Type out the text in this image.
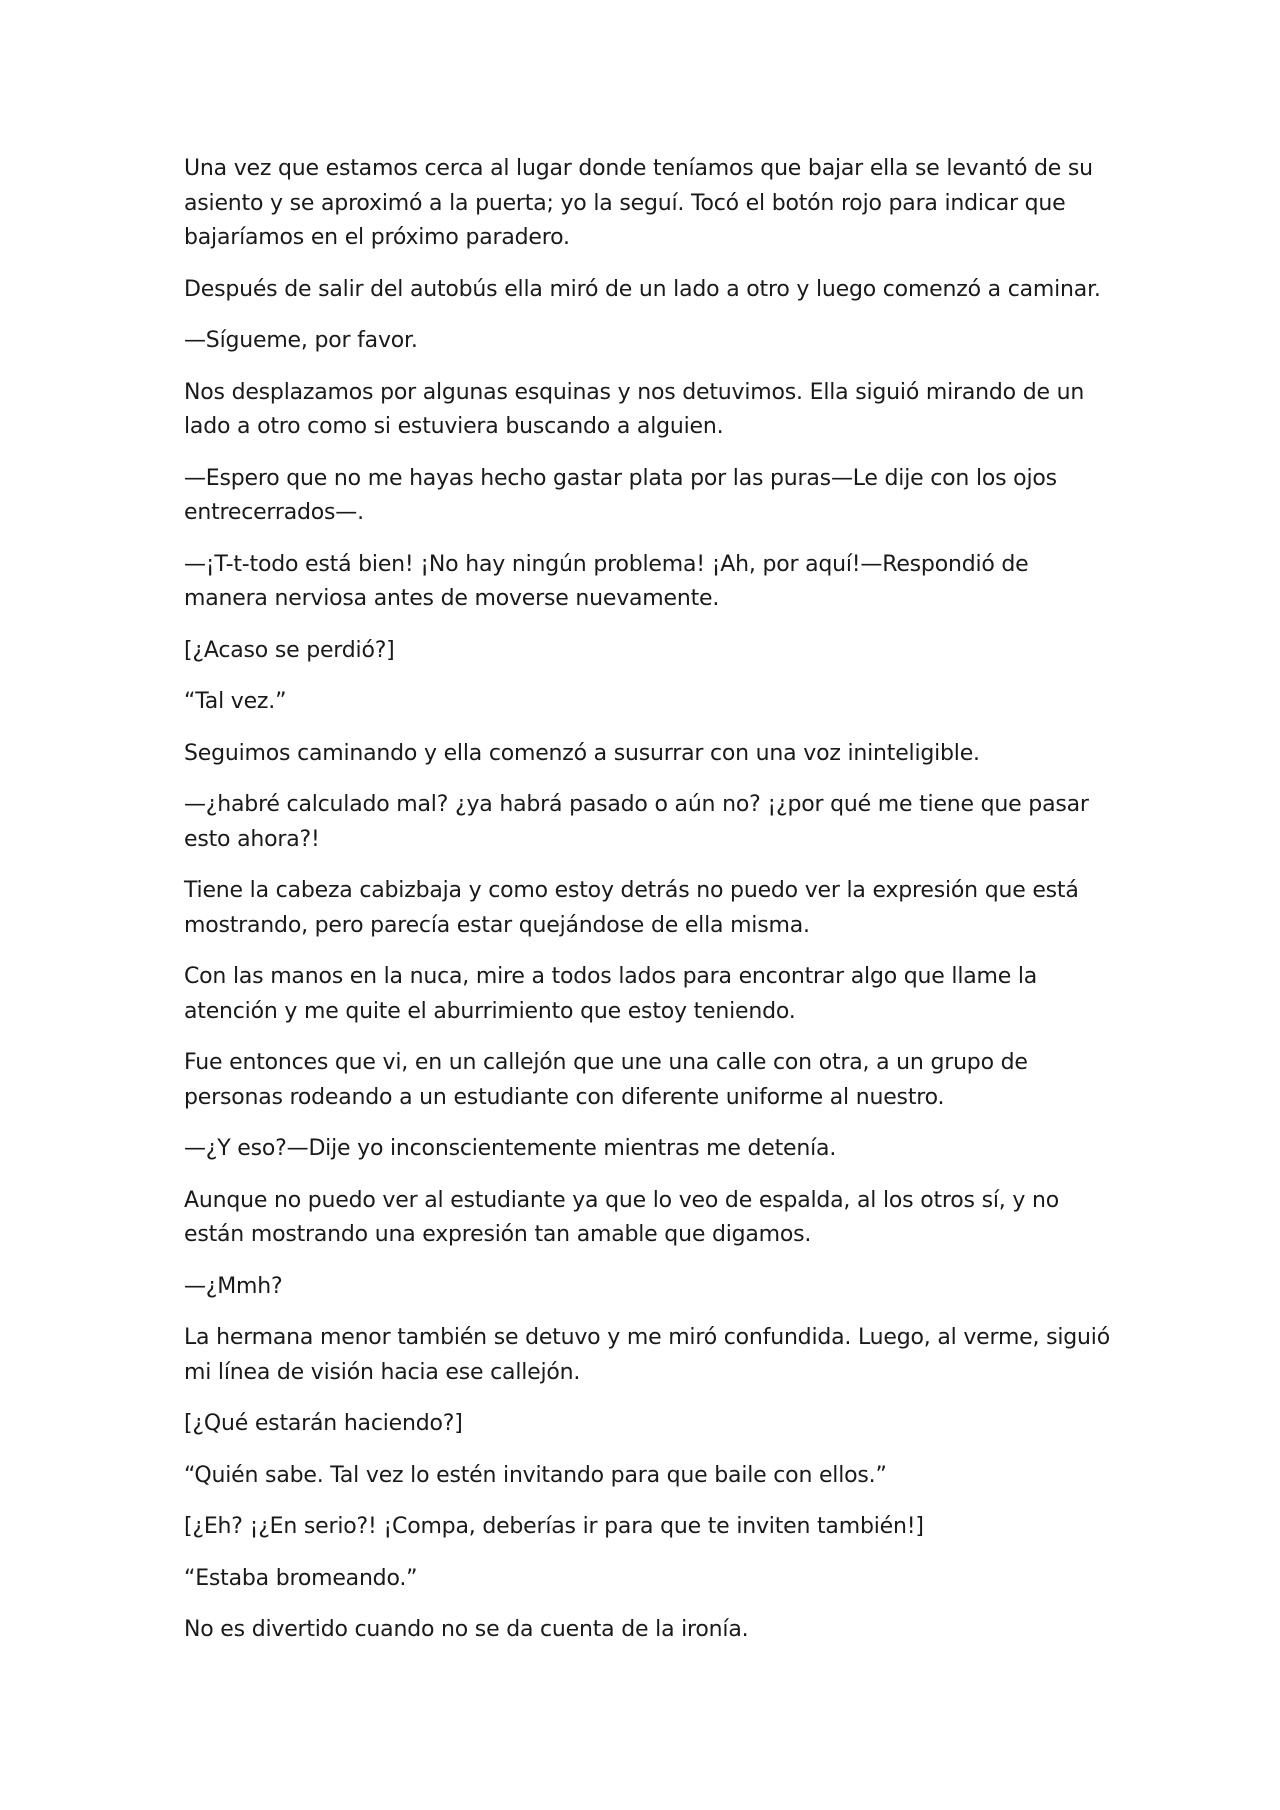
Una vez que estamos cerca al lugar donde teníamos que bajar ella se levantó de su asiento y se aproximó a la puerta; yo la seguí. Tocó el botón rojo para indicar que bajaríamos en el próximo paradero.

Después de salir del autobús ella miró de un lado a otro y luego comenzó a caminar.

—Sígueme, por favor.

Nos desplazamos por algunas esquinas y nos detuvimos. Ella siguió mirando de un lado a otro como si estuviera buscando a alguien.

—Espero que no me hayas hecho gastar plata por las puras—Le dije con los ojos entrecerrados—.

—¡T-t-todo está bien! ¡No hay ningún problema! ¡Ah, por aquí!—Respondió de manera nerviosa antes de moverse nuevamente.

[¿Acaso se perdió?]

“Tal vez.”

Seguimos caminando y ella comenzó a susurrar con una voz ininteligible.

—¿habré calculado mal? ¿ya habrá pasado o aún no? ¡¿por qué me tiene que pasar esto ahora?!

Tiene la cabeza cabizbaja y como estoy detrás no puedo ver la expresión que está mostrando, pero parecía estar quejándose de ella misma.

Con las manos en la nuca, mire a todos lados para encontrar algo que llame la atención y me quite el aburrimiento que estoy teniendo.

Fue entonces que vi, en un callejón que une una calle con otra, a un grupo de personas rodeando a un estudiante con diferente uniforme al nuestro.

—¿Y eso?—Dije yo inconscientemente mientras me detenía.

Aunque no puedo ver al estudiante ya que lo veo de espalda, al los otros sí, y no están mostrando una expresión tan amable que digamos.

—¿Mmh?

La hermana menor también se detuvo y me miró confundida. Luego, al verme, siguió mi línea de visión hacia ese callejón.

[¿Qué estarán haciendo?]

“Quién sabe. Tal vez lo estén invitando para que baile con ellos.”

[¿Eh? ¡¿En serio?! ¡Compa, deberías ir para que te inviten también!]

“Estaba bromeando.”

No es divertido cuando no se da cuenta de la ironía.
